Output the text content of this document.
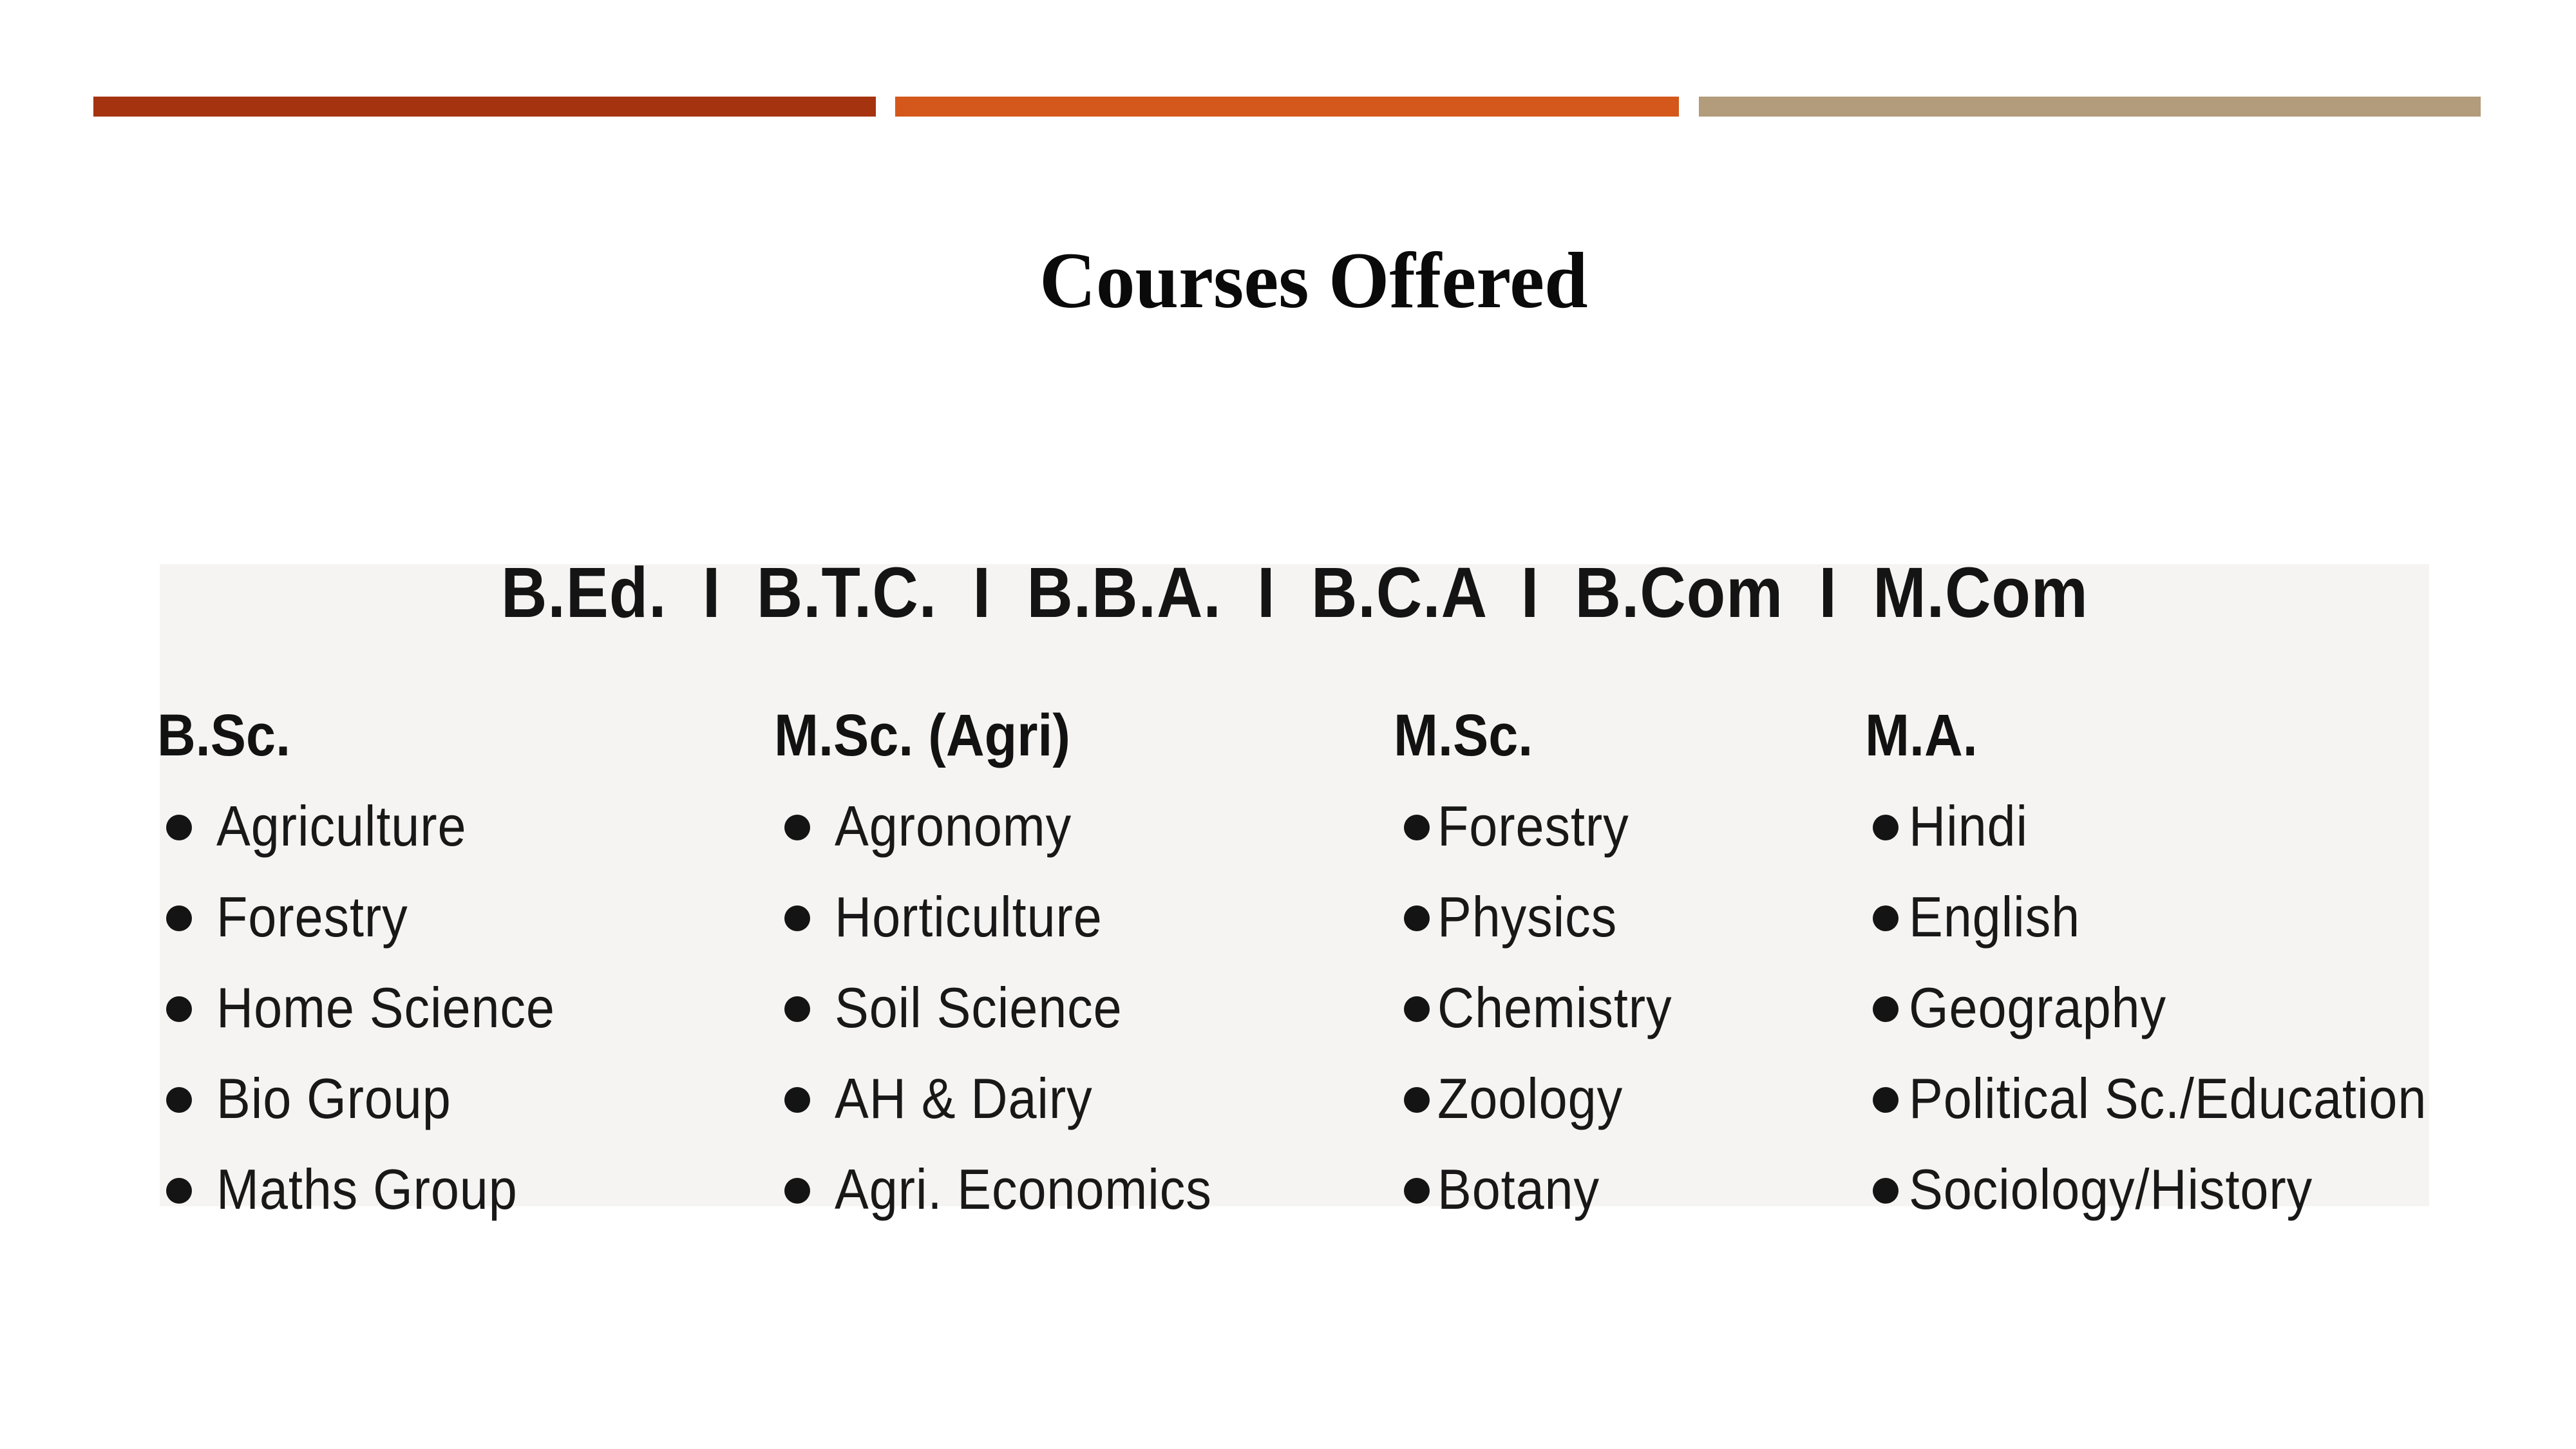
Courses Offered
B.Ed. I B.T.C. I B.B.A. I B.C.A I B.Com I M.Com
B.Sc.
Agriculture
Forestry
Home Science
Bio Group
Maths Group
M.Sc. (Agri)
Agronomy
Horticulture
Soil Science
AH & Dairy
Agri. Economics
M.Sc.
Forestry
Physics
Chemistry
Zoology
Botany
M.A.
Hindi
English
Geography
Political Sc./Education
Sociology/History
